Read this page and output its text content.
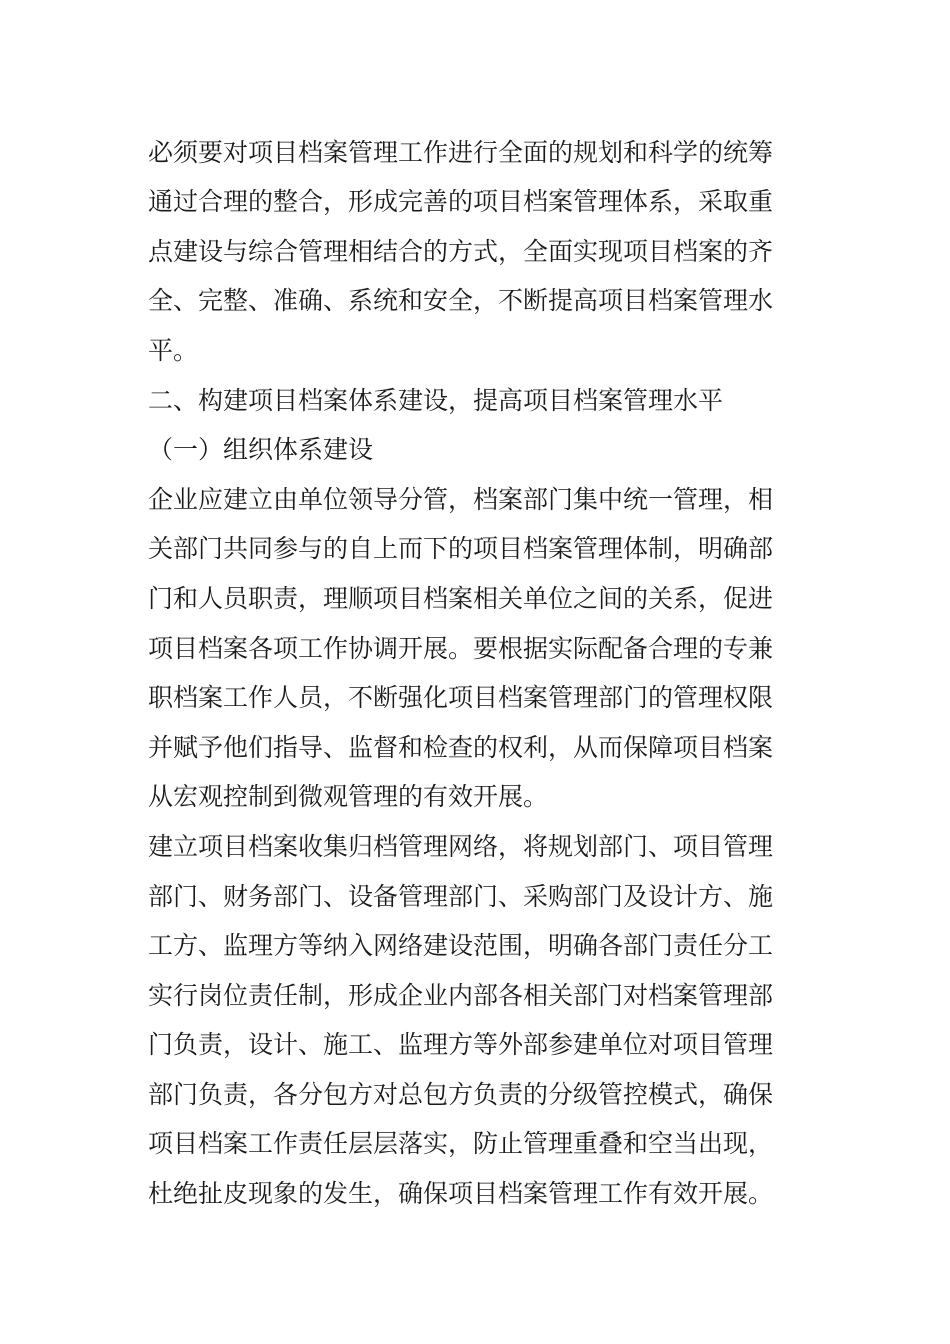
必须要对项目档案管理工作进行全面的规划和科学的统筹

通过合理的整合，形成完善的项目档案管理体系，采取重

点建设与综合管理相结合的方式，全面实现项目档案的齐

全、完整、准确、系统和安全，不断提高项目档案管理水

平。

二、构建项目档案体系建设，提高项目档案管理水平

（一）组织体系建设

企业应建立由单位领导分管，档案部门集中统一管理，相

关部门共同参与的自上而下的项目档案管理体制，明确部

门和人员职责，理顺项目档案相关单位之间的关系，促进

项目档案各项工作协调开展。要根据实际配备合理的专兼

职档案工作人员，不断强化项目档案管理部门的管理权限

并赋予他们指导、监督和检查的权利，从而保障项目档案

从宏观控制到微观管理的有效开展。

建立项目档案收集归档管理网络，将规划部门、项目管理

部门、财务部门、设备管理部门、采购部门及设计方、施

工方、监理方等纳入网络建设范围，明确各部门责任分工

实行岗位责任制，形成企业内部各相关部门对档案管理部

门负责，设计、施工、监理方等外部参建单位对项目管理

部门负责，各分包方对总包方负责的分级管控模式，确保

项目档案工作责任层层落实，防止管理重叠和空当出现，

杜绝扯皮现象的发生，确保项目档案管理工作有效开展。
